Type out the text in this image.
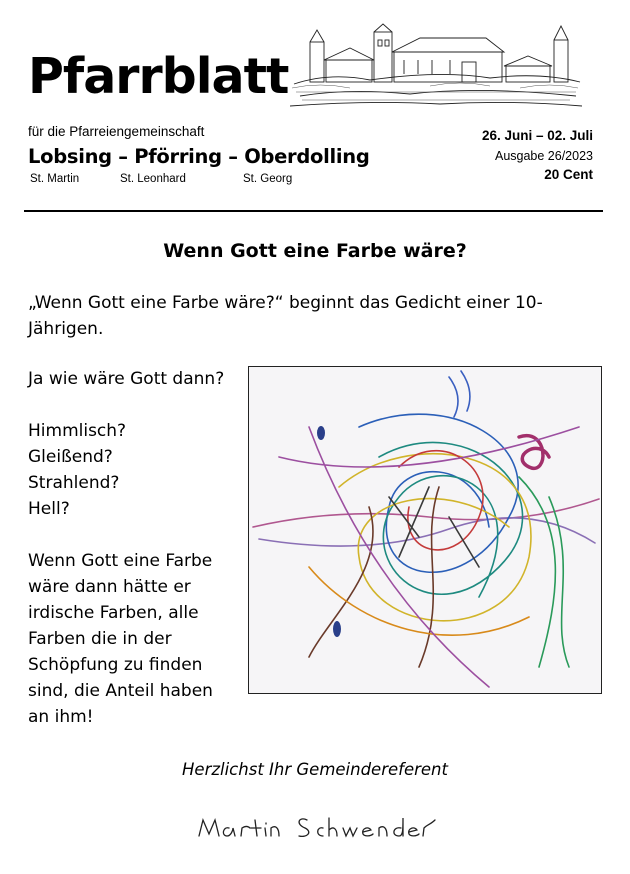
Pfarrblatt
für die Pfarreiengemeinschaft
Lobsing – Pförring – Oberdolling
St. Martin	St. Leonhard	St. Georg
26. Juni – 02. Juli
Ausgabe 26/2023
20 Cent
Wenn Gott eine Farbe wäre?
„Wenn Gott eine Farbe wäre?“ beginnt das Gedicht einer 10-Jährigen.
Ja wie wäre Gott dann?
Himmlisch?
Gleißend?
Strahlend?
Hell?
Wenn Gott eine Farbe
wäre dann hätte er
irdische Farben, alle
Farben die in der
Schöpfung zu finden
sind, die Anteil haben
an ihm!
Herzlichst Ihr Gemeindereferent
